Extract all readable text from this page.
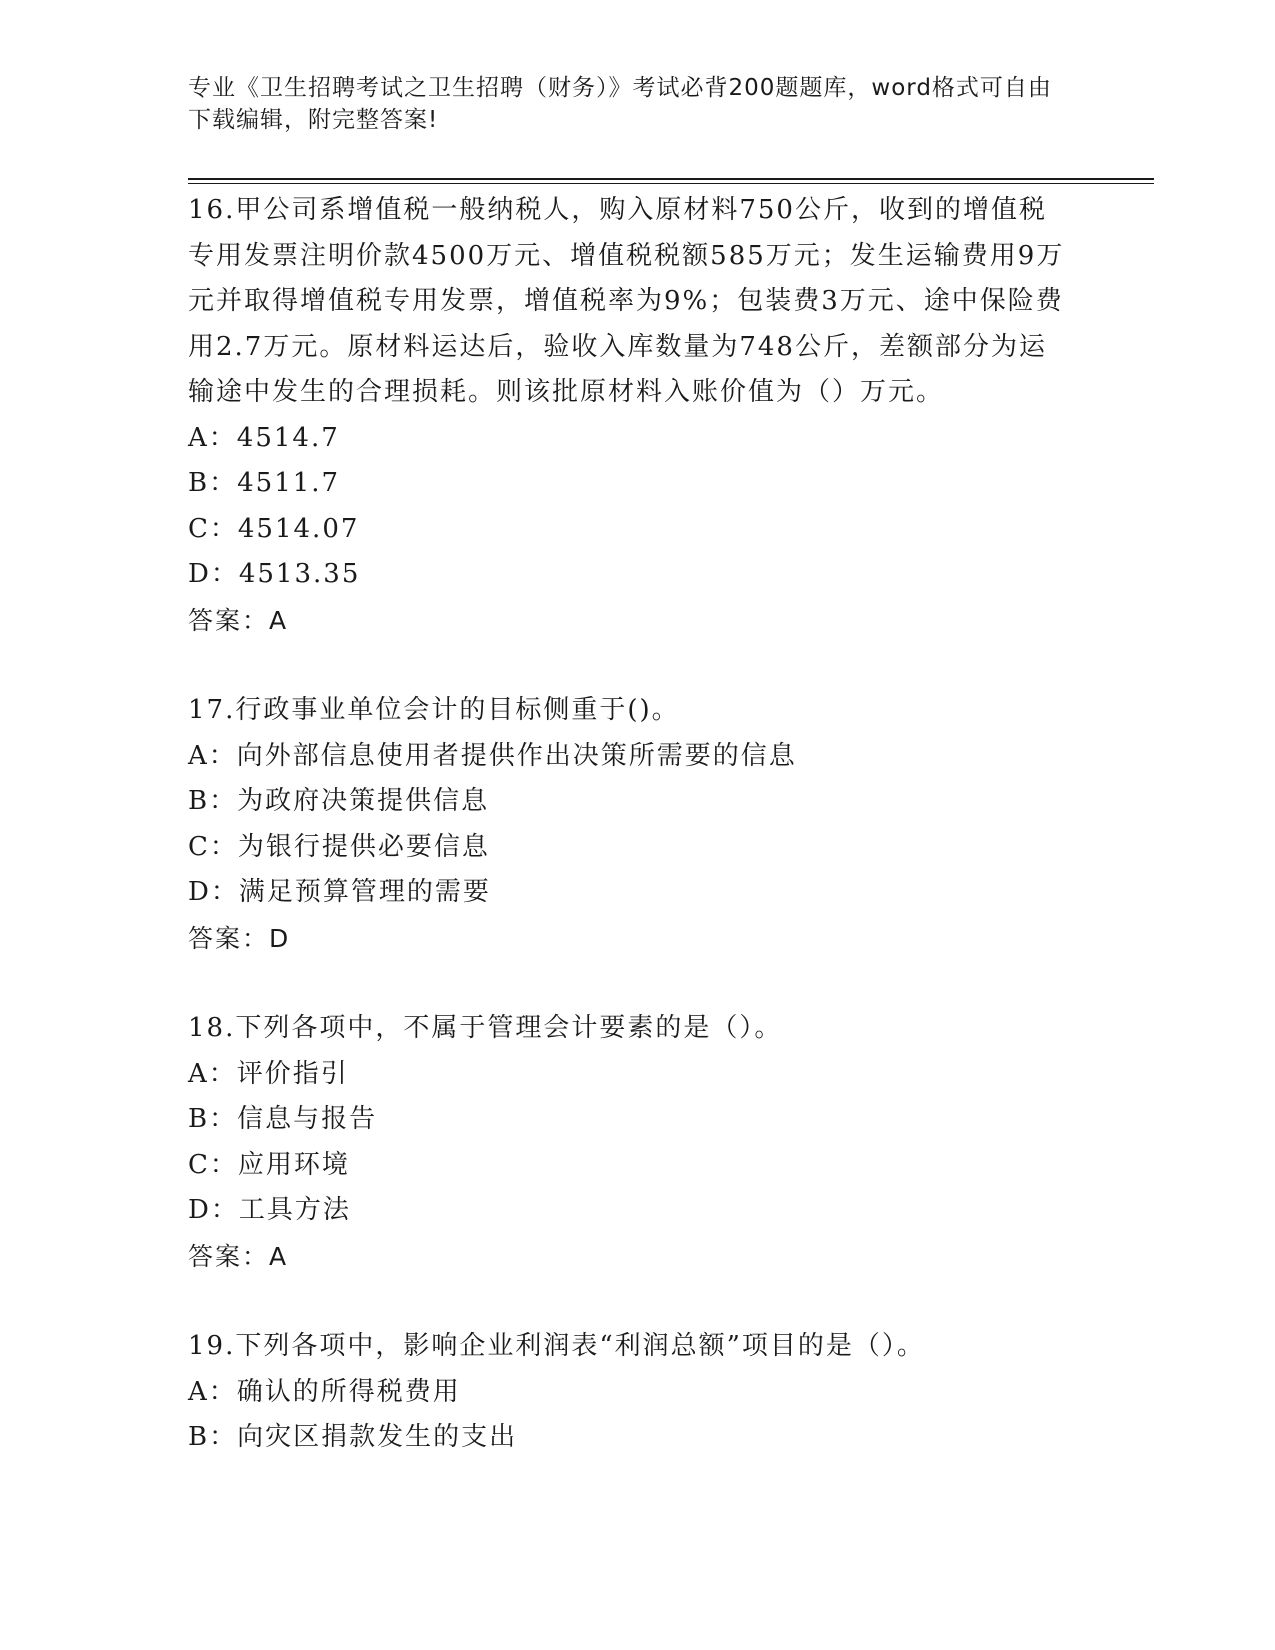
专业《卫生招聘考试之卫生招聘（财务）》考试必背200题题库，word格式可自由下载编辑，附完整答案!

16.甲公司系增值税一般纳税人，购入原材料750公斤，收到的增值税专用发票注明价款4500万元、增值税税额585万元；发生运输费用9万元并取得增值税专用发票，增值税率为9%；包装费3万元、途中保险费用2.7万元。原材料运达后，验收入库数量为748公斤，差额部分为运输途中发生的合理损耗。则该批原材料入账价值为（）万元。

A：4514.7

B：4511.7

C：4514.07

D：4513.35

答案：A

17.行政事业单位会计的目标侧重于()。

A：向外部信息使用者提供作出决策所需要的信息

B：为政府决策提供信息

C：为银行提供必要信息

D：满足预算管理的需要

答案：D

18.下列各项中，不属于管理会计要素的是（）。

A：评价指引

B：信息与报告

C：应用环境

D：工具方法

答案：A

19.下列各项中，影响企业利润表“利润总额”项目的是（）。

A：确认的所得税费用

B：向灾区捐款发生的支出
